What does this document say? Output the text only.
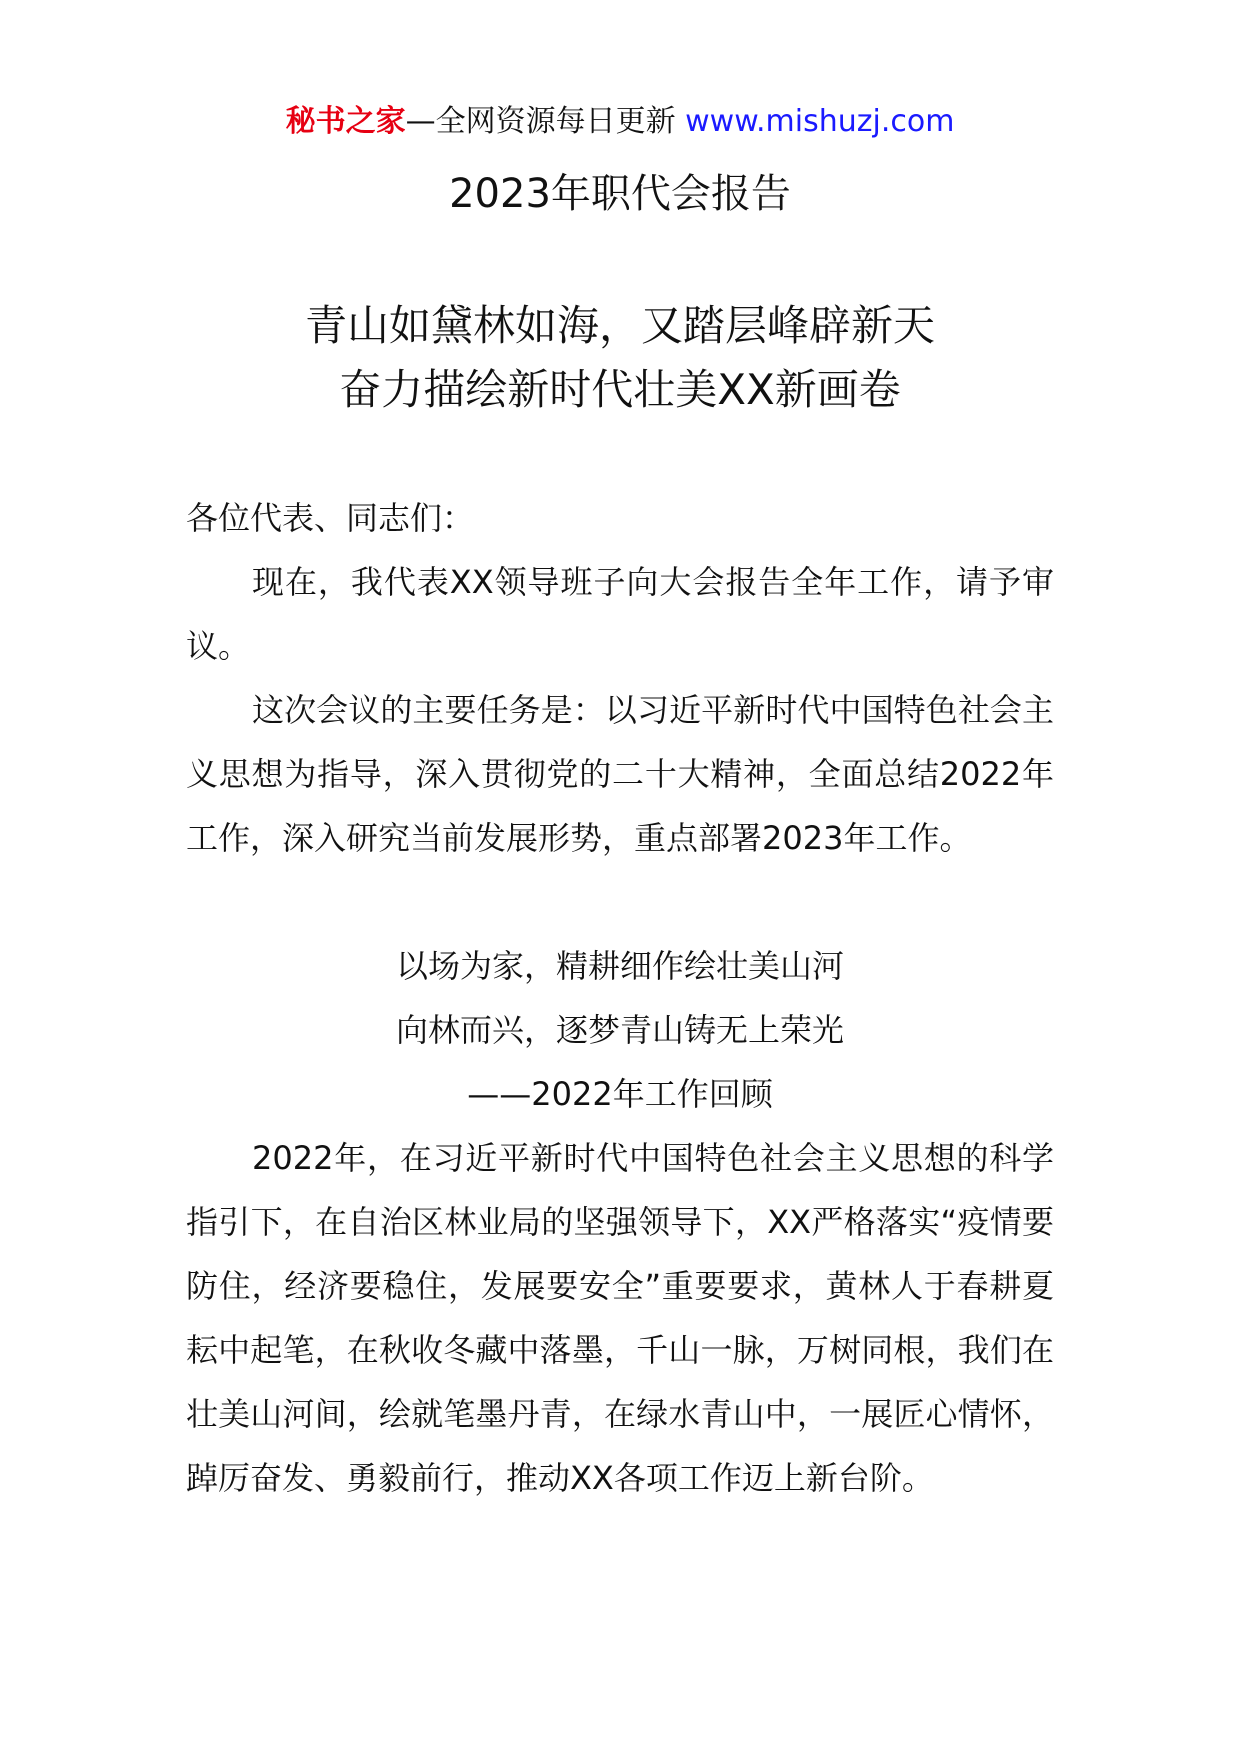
秘书之家—全网资源每日更新 www.mishuzj.com
2023年职代会报告
青山如黛林如海，又踏层峰辟新天
奋力描绘新时代壮美XX新画卷
各位代表、同志们：

现在，我代表XX领导班子向大会报告全年工作，请予审议。

这次会议的主要任务是：以习近平新时代中国特色社会主义思想为指导，深入贯彻党的二十大精神，全面总结2022年工作，深入研究当前发展形势，重点部署2023年工作。

以场为家，精耕细作绘壮美山河
向林而兴，逐梦青山铸无上荣光
——2022年工作回顾

2022年，在习近平新时代中国特色社会主义思想的科学指引下，在自治区林业局的坚强领导下，XX严格落实“疫情要防住，经济要稳住，发展要安全”重要要求，黄林人于春耕夏耘中起笔，在秋收冬藏中落墨，千山一脉，万树同根，我们在壮美山河间，绘就笔墨丹青，在绿水青山中，一展匠心情怀，踔厉奋发、勇毅前行，推动XX各项工作迈上新台阶。
